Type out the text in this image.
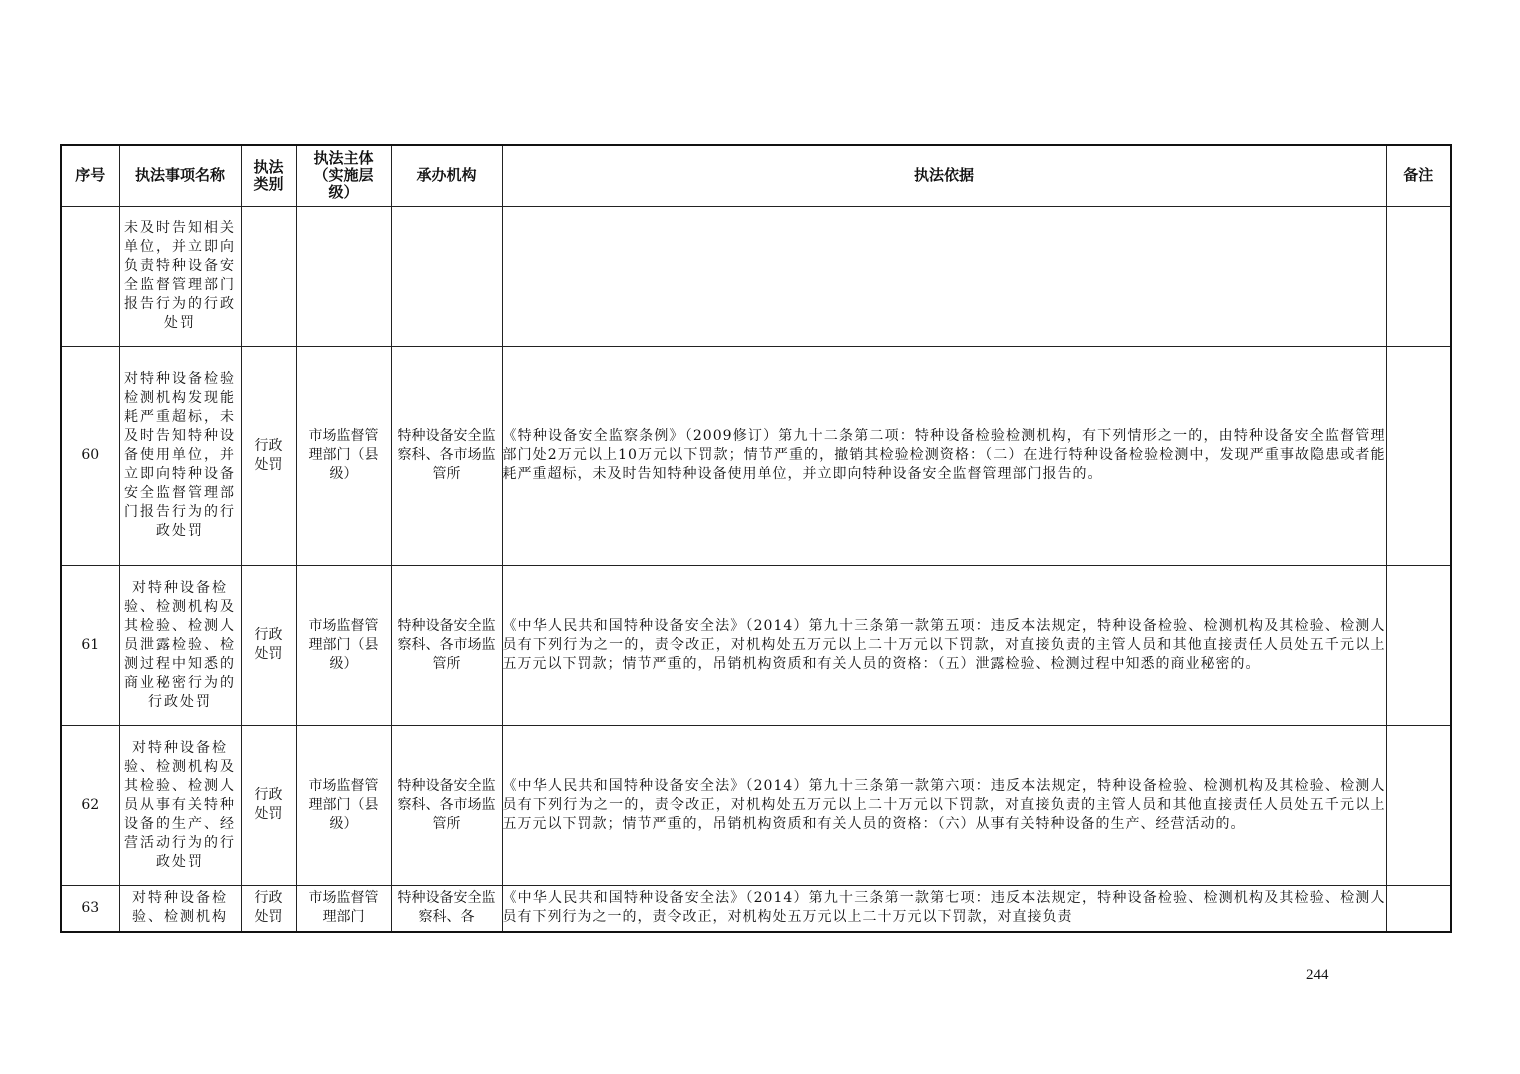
序号	执法事项名称	执法类别	执法主体（实施层级）	承办机构	执法依据	备注
	未及时告知相关单位，并立即向负责特种设备安全监督管理部门报告行为的行政处罚					
60	对特种设备检验检测机构发现能耗严重超标，未及时告知特种设备使用单位，并立即向特种设备安全监督管理部门报告行为的行政处罚	行政处罚	市场监督管理部门（县级）	特种设备安全监察科、各市场监管所	《特种设备安全监察条例》（2009修订）第九十二条第二项：特种设备检验检测机构，有下列情形之一的，由特种设备安全监督管理部门处2万元以上10万元以下罚款；情节严重的，撤销其检验检测资格：（二）在进行特种设备检验检测中，发现严重事故隐患或者能耗严重超标，未及时告知特种设备使用单位，并立即向特种设备安全监督管理部门报告的。	
61	对特种设备检验、检测机构及其检验、检测人员泄露检验、检测过程中知悉的商业秘密行为的行政处罚	行政处罚	市场监督管理部门（县级）	特种设备安全监察科、各市场监管所	《中华人民共和国特种设备安全法》（2014）第九十三条第一款第五项：违反本法规定，特种设备检验、检测机构及其检验、检测人员有下列行为之一的，责令改正，对机构处五万元以上二十万元以下罚款，对直接负责的主管人员和其他直接责任人员处五千元以上五万元以下罚款；情节严重的，吊销机构资质和有关人员的资格：（五）泄露检验、检测过程中知悉的商业秘密的。	
62	对特种设备检验、检测机构及其检验、检测人员从事有关特种设备的生产、经营活动行为的行政处罚	行政处罚	市场监督管理部门（县级）	特种设备安全监察科、各市场监管所	《中华人民共和国特种设备安全法》（2014）第九十三条第一款第六项：违反本法规定，特种设备检验、检测机构及其检验、检测人员有下列行为之一的，责令改正，对机构处五万元以上二十万元以下罚款，对直接负责的主管人员和其他直接责任人员处五千元以上五万元以下罚款；情节严重的，吊销机构资质和有关人员的资格：（六）从事有关特种设备的生产、经营活动的。	
63	对特种设备检验、检测机构	行政处罚	市场监督管理部门	特种设备安全监察科、各	《中华人民共和国特种设备安全法》（2014）第九十三条第一款第七项：违反本法规定，特种设备检验、检测机构及其检验、检测人员有下列行为之一的，责令改正，对机构处五万元以上二十万元以下罚款，对直接负责	
244
